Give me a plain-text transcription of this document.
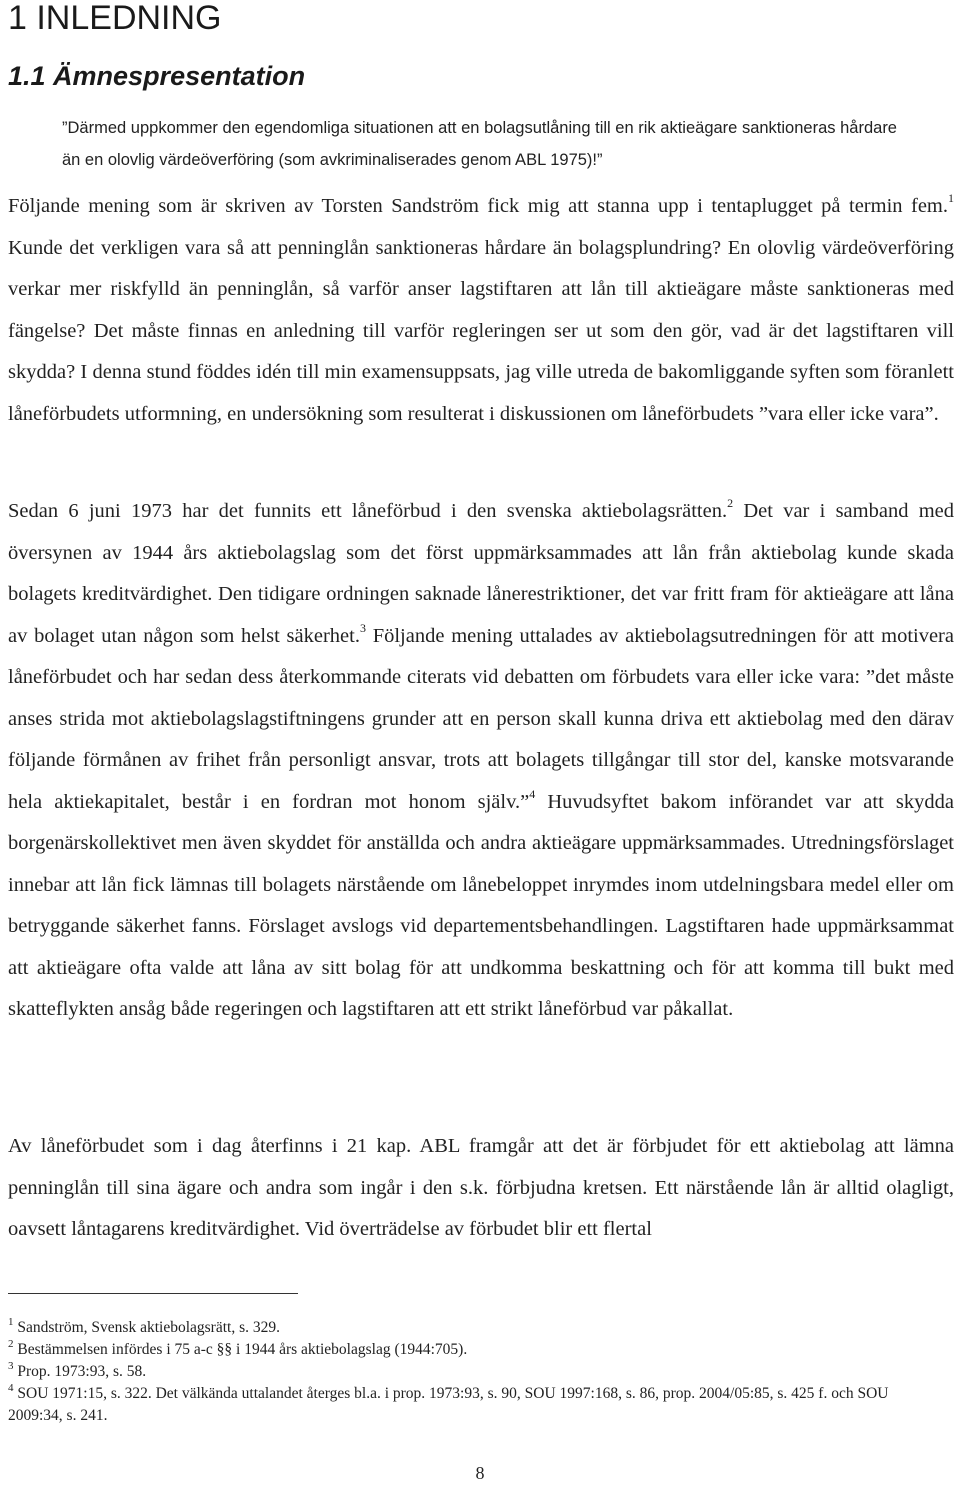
1 INLEDNING
1.1 Ämnespresentation
”Därmed uppkommer den egendomliga situationen att en bolagsutlåning till en rik aktieägare sanktioneras hårdare än en olovlig värdeöverföring (som avkriminaliserades genom ABL 1975)!”

Följande mening som är skriven av Torsten Sandström fick mig att stanna upp i tentaplugget på termin fem.$^1$ Kunde det verkligen vara så att penninglån sanktioneras hårdare än bolagsplundring? En olovlig värdeöverföring verkar mer riskfylld än penninglån, så varför anser lagstiftaren att lån till aktieägare måste sanktioneras med fängelse? Det måste finnas en anledning till varför regleringen ser ut som den gör, vad är det lagstiftaren vill skydda? I denna stund föddes idén till min examensuppsats, jag ville utreda de bakomliggande syften som föranlett låneförbudets utformning, en undersökning som resulterat i diskussionen om låneförbudets ”vara eller icke vara”.

Sedan 6 juni 1973 har det funnits ett låneförbud i den svenska aktiebolagsrätten.$^2$ Det var i samband med översynen av 1944 års aktiebolagslag som det först uppmärksammades att lån från aktiebolag kunde skada bolagets kreditvärdighet. Den tidigare ordningen saknade lånerestriktioner, det var fritt fram för aktieägare att låna av bolaget utan någon som helst säkerhet.$^3$ Följande mening uttalades av aktiebolagsutredningen för att motivera låneförbudet och har sedan dess återkommande citerats vid debatten om förbudets vara eller icke vara: ”det måste anses strida mot aktiebolagslagstiftningens grunder att en person skall kunna driva ett aktiebolag med den därav följande förmånen av frihet från personligt ansvar, trots att bolagets tillgångar till stor del, kanske motsvarande hela aktiekapitalet, består i en fordran mot honom själv.”$^4$ Huvudsyftet bakom införandet var att skydda borgenärskollektivet men även skyddet för anställda och andra aktieägare uppmärksammades. Utredningsförslaget innebar att lån fick lämnas till bolagets närstående om lånebeloppet inrymdes inom utdelningsbara medel eller om betryggande säkerhet fanns. Förslaget avslogs vid departementsbehandlingen. Lagstiftaren hade uppmärksammat att aktieägare ofta valde att låna av sitt bolag för att undkomma beskattning och för att komma till bukt med skatteflykten ansåg både regeringen och lagstiftaren att ett strikt låneförbud var påkallat.

Av låneförbudet som i dag återfinns i 21 kap. ABL framgår att det är förbjudet för ett aktiebolag att lämna penninglån till sina ägare och andra som ingår i den s.k. förbjudna kretsen. Ett närstående lån är alltid olagligt, oavsett låntagarens kreditvärdighet. Vid överträdelse av förbudet blir ett flertal

$^1$ Sandström, Svensk aktiebolagsrätt, s. 329.
$^2$ Bestämmelsen infördes i 75 a-c §§ i 1944 års aktiebolagslag (1944:705).
$^3$ Prop. 1973:93, s. 58.
$^4$ SOU 1971:15, s. 322. Det välkända uttalandet återges bl.a. i prop. 1973:93, s. 90, SOU 1997:168, s. 86, prop. 2004/05:85, s. 425 f. och SOU 2009:34, s. 241.
8
